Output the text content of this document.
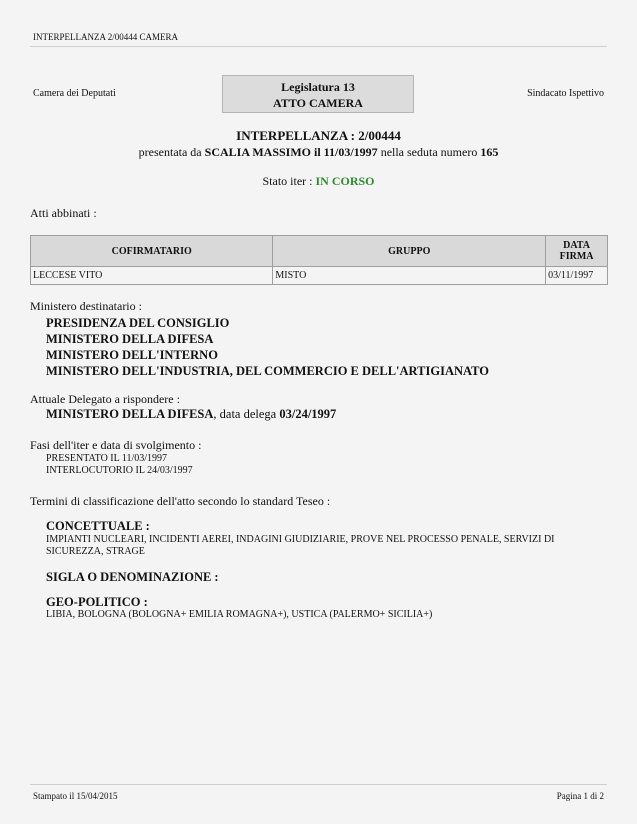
INTERPELLANZA 2/00444 CAMERA
Camera dei Deputati	Legislatura 13
ATTO CAMERA
Sindacato Ispettivo
INTERPELLANZA : 2/00444
presentata da SCALIA MASSIMO il 11/03/1997 nella seduta numero 165
Stato iter : IN CORSO
Atti abbinati :
COFIRMATARIO	GRUPPO	DATA FIRMA
LECCESE VITO	MISTO	03/11/1997
Ministero destinatario :
PRESIDENZA DEL CONSIGLIO
MINISTERO DELLA DIFESA
MINISTERO DELL'INTERNO
MINISTERO DELL'INDUSTRIA, DEL COMMERCIO E DELL'ARTIGIANATO
Attuale Delegato a rispondere :
MINISTERO DELLA DIFESA, data delega 03/24/1997
Fasi dell'iter e data di svolgimento :
PRESENTATO IL 11/03/1997
INTERLOCUTORIO IL 24/03/1997
Termini di classificazione dell'atto secondo lo standard Teseo :
CONCETTUALE :
IMPIANTI NUCLEARI, INCIDENTI AEREI, INDAGINI GIUDIZIARIE, PROVE NEL PROCESSO PENALE, SERVIZI DI
SICUREZZA, STRAGE
SIGLA O DENOMINAZIONE :
GEO-POLITICO :
LIBIA, BOLOGNA (BOLOGNA+ EMILIA ROMAGNA+), USTICA (PALERMO+ SICILIA+)
Stampato il 15/04/2015	Pagina 1 di 2
